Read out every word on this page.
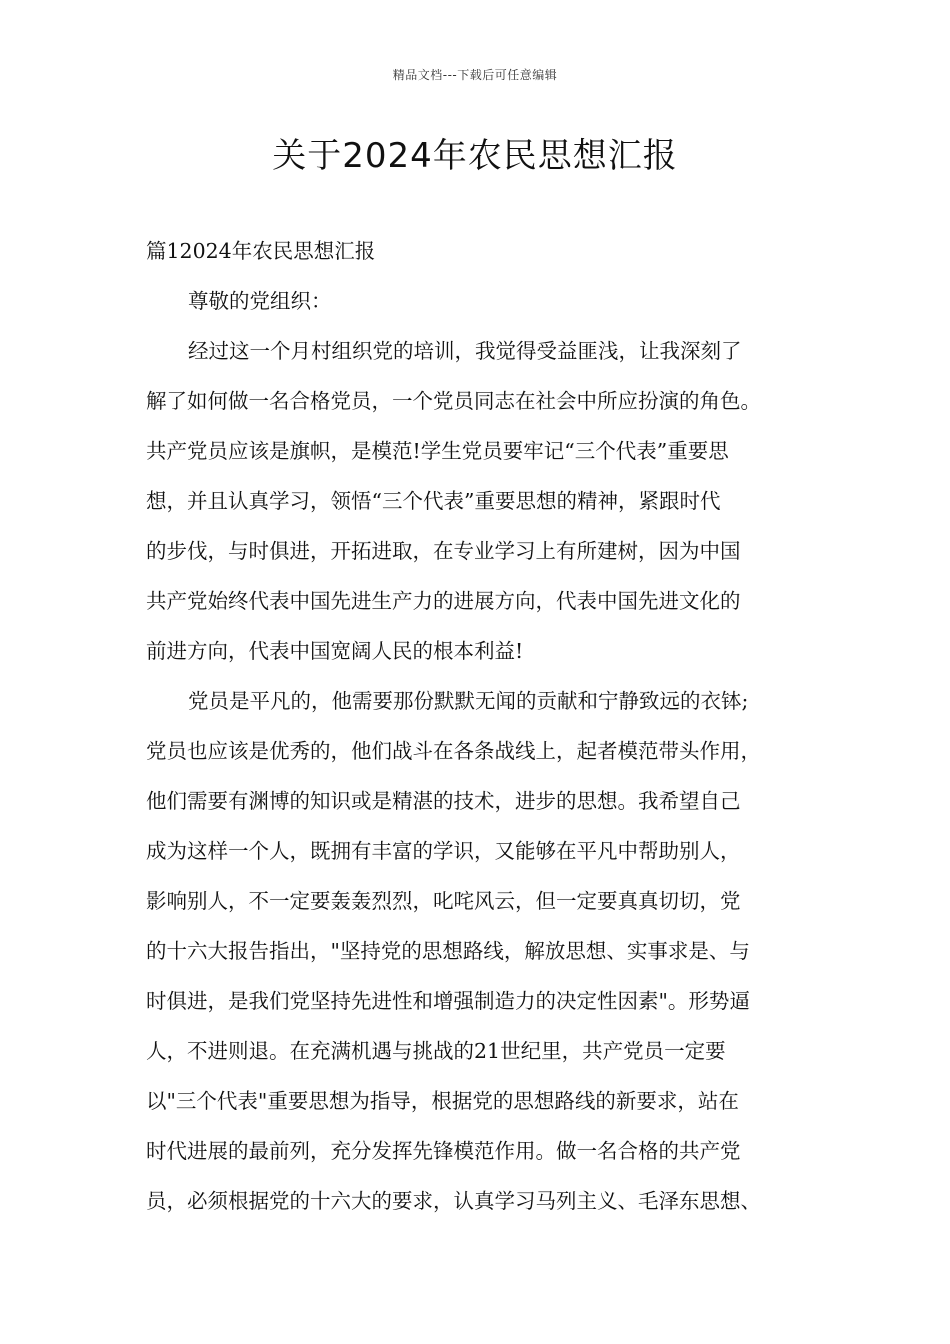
精品文档---下载后可任意编辑
关于2024年农民思想汇报
篇12024年农民思想汇报
尊敬的党组织：
经过这一个月村组织党的培训，我觉得受益匪浅，让我深刻了
解了如何做一名合格党员，一个党员同志在社会中所应扮演的角色。
共产党员应该是旗帜，是模范!学生党员要牢记“三个代表”重要思
想，并且认真学习，领悟“三个代表”重要思想的精神，紧跟时代
的步伐，与时俱进，开拓进取，在专业学习上有所建树，因为中国
共产党始终代表中国先进生产力的进展方向，代表中国先进文化的
前进方向，代表中国宽阔人民的根本利益!
党员是平凡的，他需要那份默默无闻的贡献和宁静致远的衣钵;
党员也应该是优秀的，他们战斗在各条战线上，起者模范带头作用，
他们需要有渊博的知识或是精湛的技术，进步的思想。我希望自己
成为这样一个人，既拥有丰富的学识，又能够在平凡中帮助别人，
影响别人，不一定要轰轰烈烈，叱咤风云，但一定要真真切切，党
的十六大报告指出，"坚持党的思想路线，解放思想、实事求是、与
时俱进，是我们党坚持先进性和增强制造力的决定性因素"。形势逼
人，不进则退。在充满机遇与挑战的21世纪里，共产党员一定要
以"三个代表"重要思想为指导，根据党的思想路线的新要求，站在
时代进展的最前列，充分发挥先锋模范作用。做一名合格的共产党
员，必须根据党的十六大的要求，认真学习马列主义、毛泽东思想、
